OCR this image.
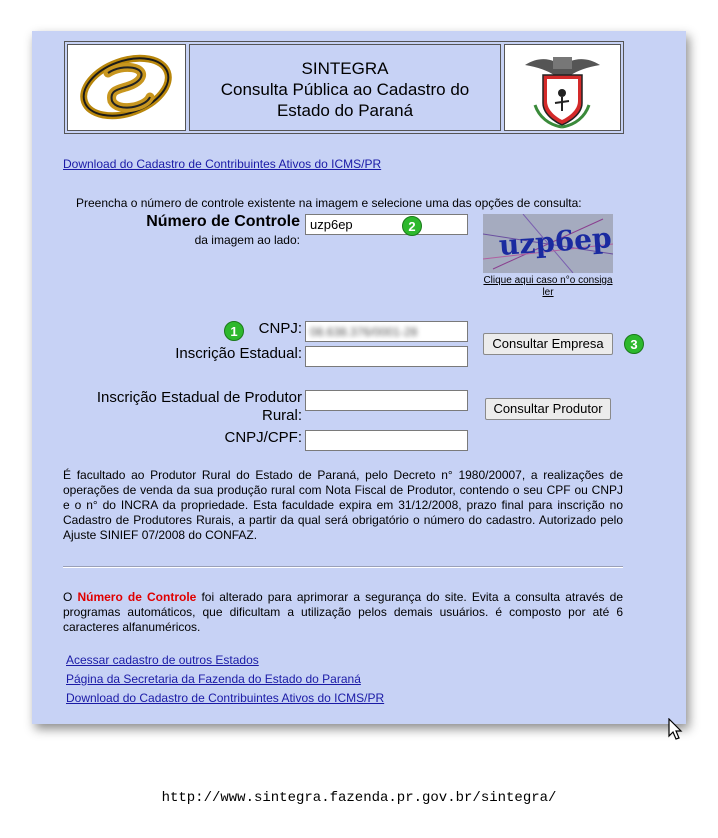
SINTEGRA
Consulta Pública ao Cadastro do
Estado do Paraná
Download do Cadastro de Contribuintes Ativos do ICMS/PR
Preencha o número de controle existente na imagem e selecione uma das opções de consulta:
Número de Controle
da imagem ao lado:
uzp6ep
2	uzp6ep
Clique aqui caso n°o consiga ler
1	CNPJ: 08.638.376/0001-28
Inscrição Estadual:
Consultar Empresa	3
Inscrição Estadual de Produtor
Rural:	Consultar Produtor
CNPJ/CPF:
É facultado ao Produtor Rural do Estado de Paraná, pelo Decreto n° 1980/20007, a realizações de operações de venda da sua produção rural com Nota Fiscal de Produtor, contendo o seu CPF ou CNPJ e o n° do INCRA da propriedade. Esta faculdade expira em 31/12/2008, prazo final para inscrição no Cadastro de Produtores Rurais, a partir da qual será obrigatório o número do cadastro. Autorizado pelo Ajuste SINIEF 07/2008 do CONFAZ.
O Número de Controle foi alterado para aprimorar a segurança do site. Evita a consulta através de programas automáticos, que dificultam a utilização pelos demais usuários. é composto por até 6 caracteres alfanuméricos.
Acessar cadastro de outros Estados
Página da Secretaria da Fazenda do Estado do Paraná
Download do Cadastro de Contribuintes Ativos do ICMS/PR
http://www.sintegra.fazenda.pr.gov.br/sintegra/
